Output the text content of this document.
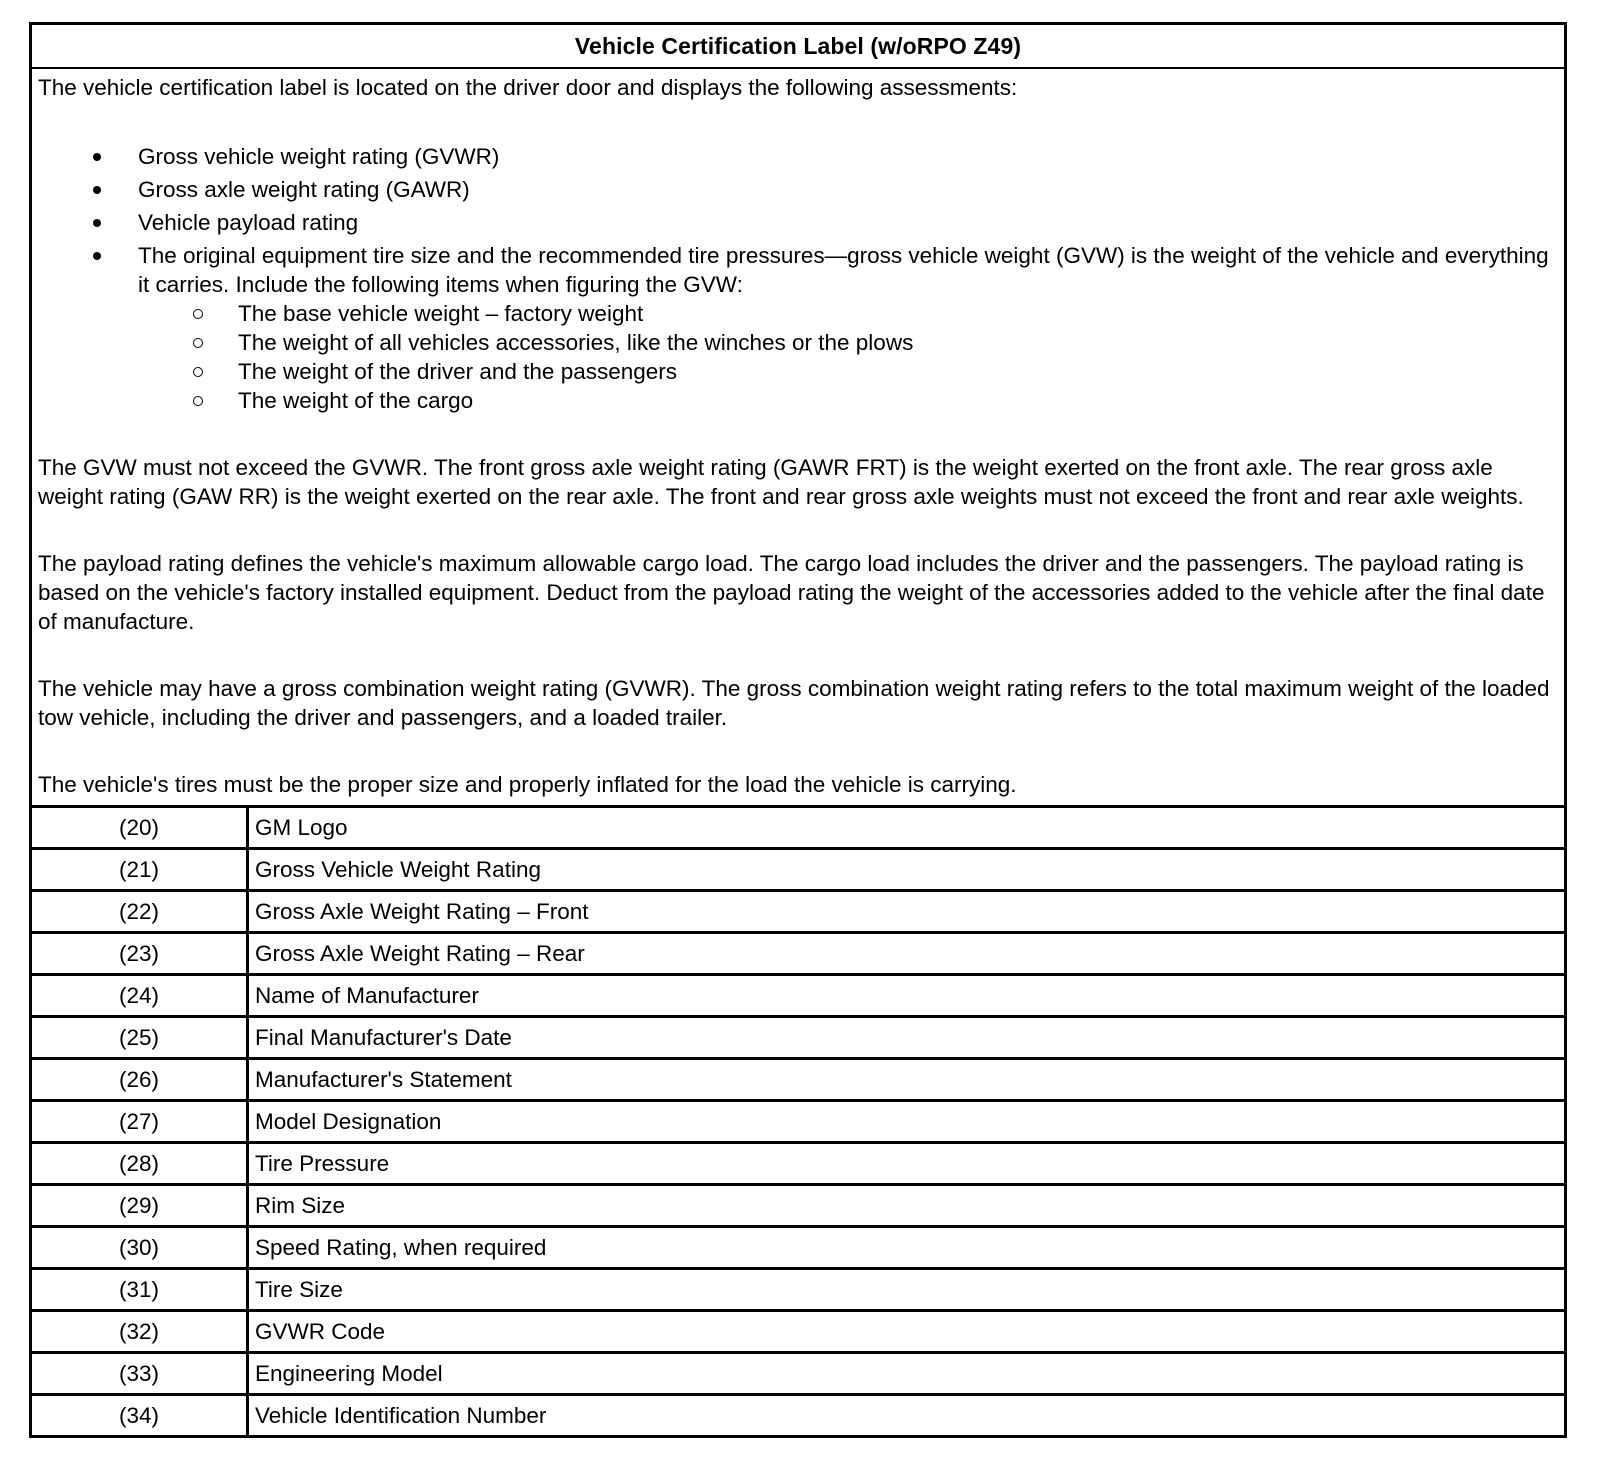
Vehicle Certification Label (w/oRPO Z49)

The vehicle certification label is located on the driver door and displays the following assessments:

Gross vehicle weight rating (GVWR)
Gross axle weight rating (GAWR)
Vehicle payload rating
The original equipment tire size and the recommended tire pressures—gross vehicle weight (GVW) is the weight of the vehicle and everything it carries. Include the following items when figuring the GVW:
The base vehicle weight – factory weight
The weight of all vehicles accessories, like the winches or the plows
The weight of the driver and the passengers
The weight of the cargo

The GVW must not exceed the GVWR. The front gross axle weight rating (GAWR FRT) is the weight exerted on the front axle. The rear gross axle weight rating (GAW RR) is the weight exerted on the rear axle. The front and rear gross axle weights must not exceed the front and rear axle weights.

The payload rating defines the vehicle's maximum allowable cargo load. The cargo load includes the driver and the passengers. The payload rating is based on the vehicle's factory installed equipment. Deduct from the payload rating the weight of the accessories added to the vehicle after the final date of manufacture.

The vehicle may have a gross combination weight rating (GVWR). The gross combination weight rating refers to the total maximum weight of the loaded tow vehicle, including the driver and passengers, and a loaded trailer.

The vehicle's tires must be the proper size and properly inflated for the load the vehicle is carrying.

(20)	GM Logo
(21)	Gross Vehicle Weight Rating
(22)	Gross Axle Weight Rating – Front
(23)	Gross Axle Weight Rating – Rear
(24)	Name of Manufacturer
(25)	Final Manufacturer's Date
(26)	Manufacturer's Statement
(27)	Model Designation
(28)	Tire Pressure
(29)	Rim Size
(30)	Speed Rating, when required
(31)	Tire Size
(32)	GVWR Code
(33)	Engineering Model
(34)	Vehicle Identification Number
